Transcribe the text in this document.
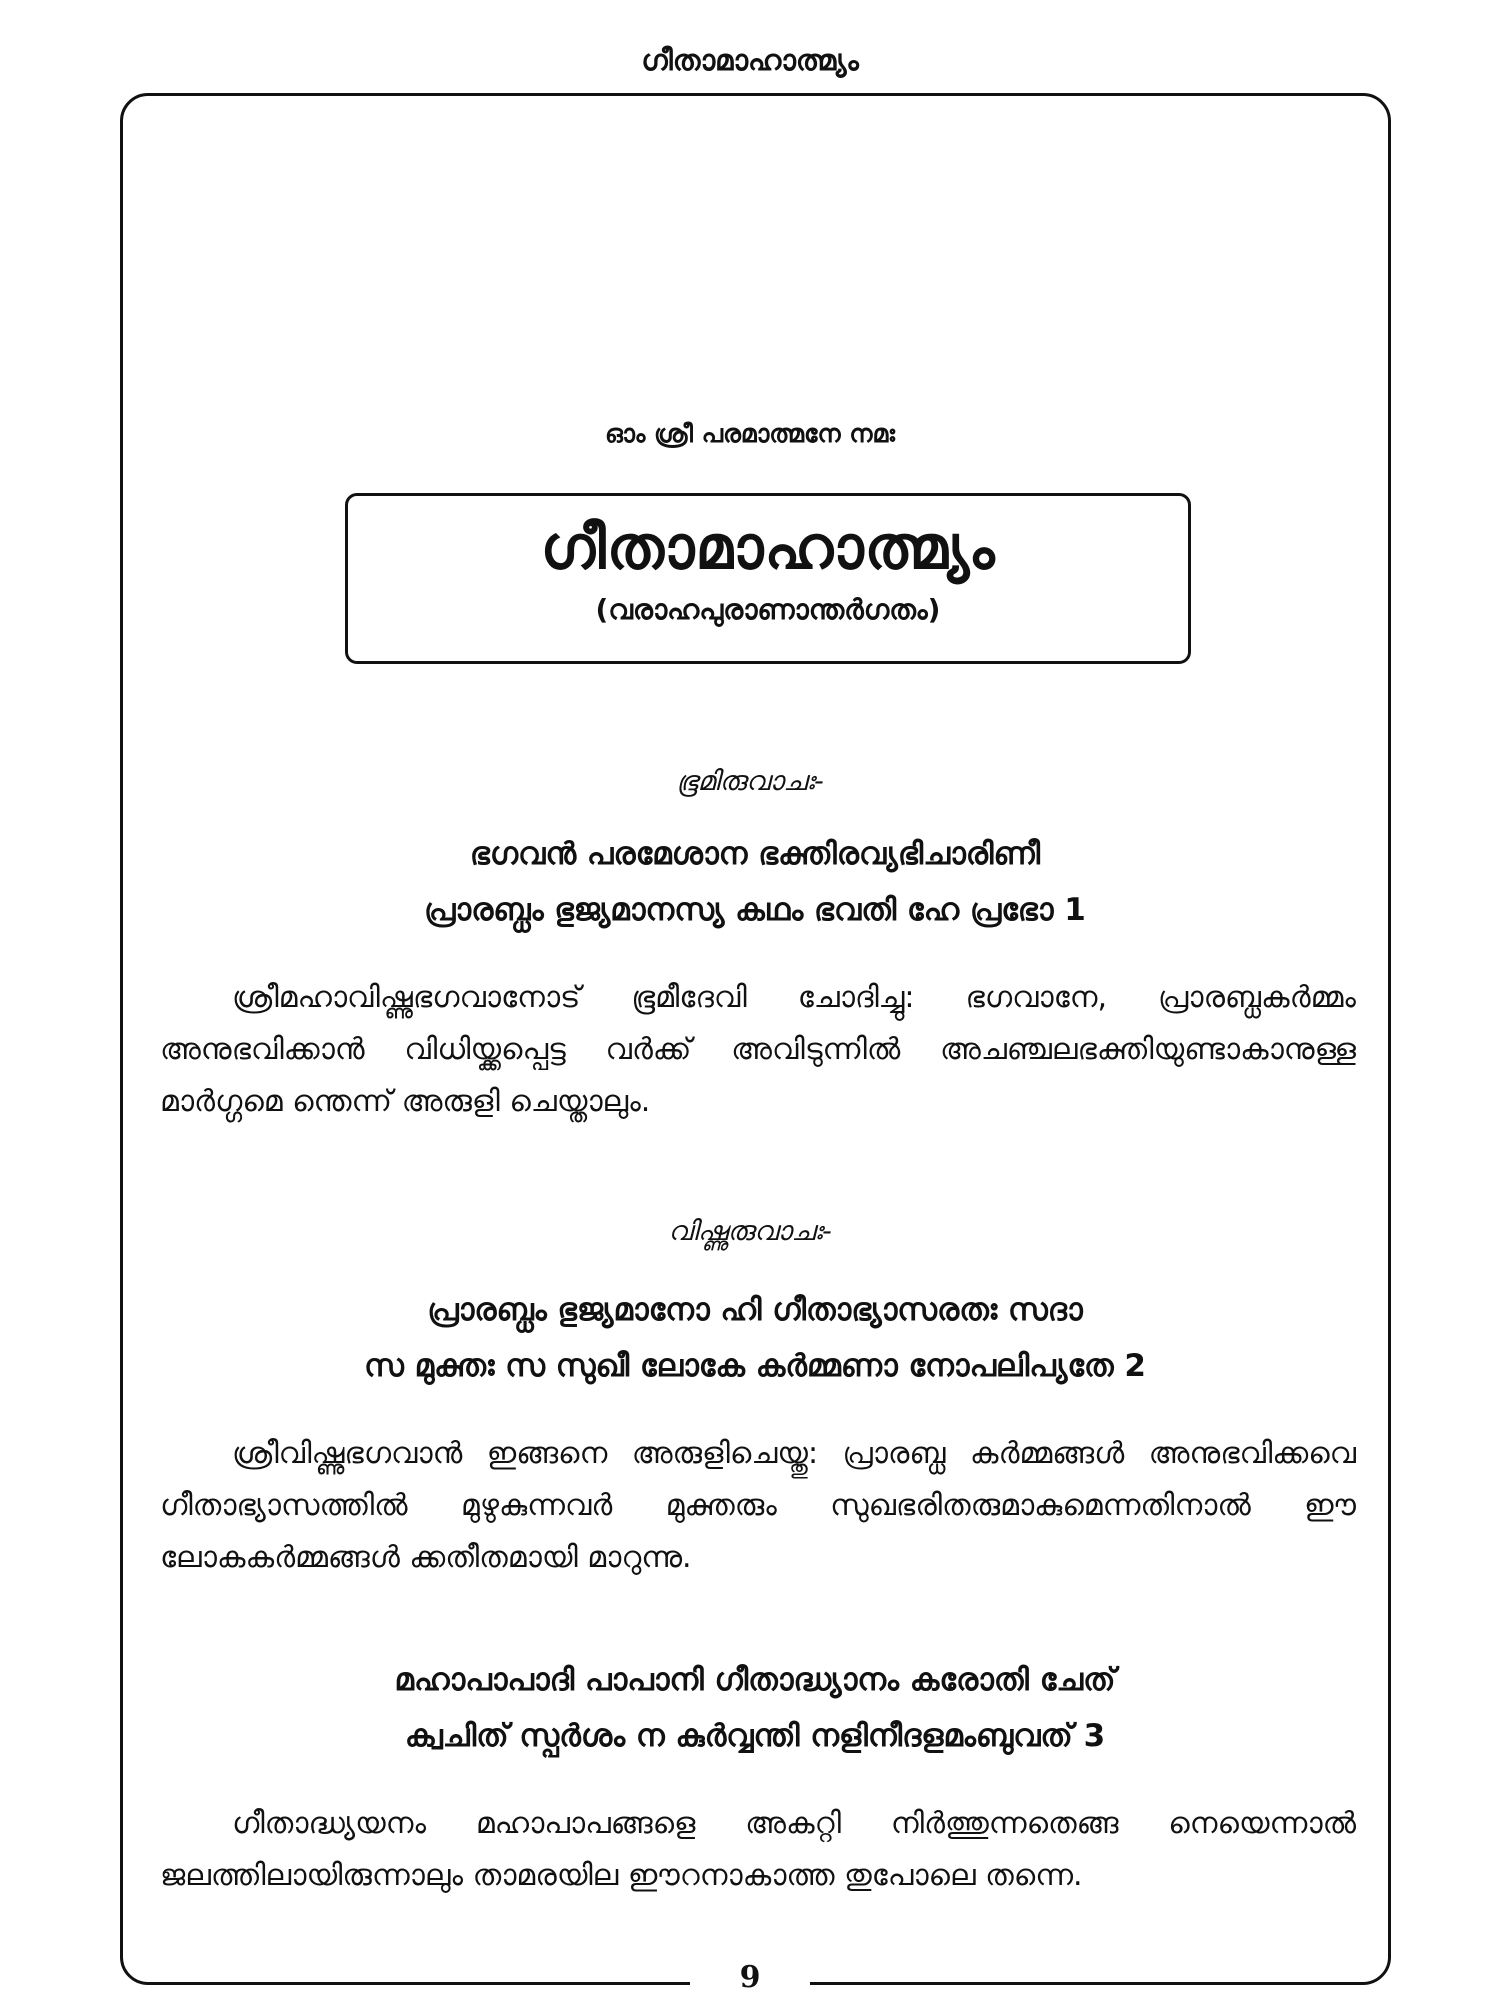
ഗീതാമാഹാത്മ്യം
9
ഓം ശ്രീ പരമാത്മനേ നമഃ
ഗീതാമാഹാത്മ്യം
(വരാഹപുരാണാന്തർഗതം)
ഭൂമിരുവാചഃ-
ഭഗവൻ പരമേശാന ഭക്തിരവ്യഭിചാരിണീ
പ്രാരബ്ധം ഭുജ്യമാനസ്യ കഥം ഭവതി ഹേ പ്രഭോ 1

ശ്രീമഹാവിഷ്ണുഭഗവാനോട് ഭൂമീദേവി ചോദിച്ചു: ഭഗവാനേ, പ്രാരബ്ധകർമ്മം അനുഭവിക്കാൻ വിധിയ്ക്കപ്പെട്ട വർക്ക് അവിടുന്നിൽ അചഞ്ചലഭക്തിയുണ്ടാകാനുള്ള മാർഗ്ഗമെ ന്തെന്ന് അരുളി ചെയ്താലും.

വിഷ്ണുരുവാചഃ-
പ്രാരബ്ധം ഭുജ്യമാനോ ഹി ഗീതാഭ്യാസരതഃ സദാ
സ മുക്തഃ സ സുഖീ ലോകേ കർമ്മണാ നോപലിപ്യതേ 2

ശ്രീവിഷ്ണുഭഗവാൻ ഇങ്ങനെ അരുളിചെയ്തു: പ്രാരബ്ധ കർമ്മങ്ങൾ അനുഭവിക്കവെ ഗീതാഭ്യാസത്തിൽ മുഴുകുന്നവർ മുക്തരും സുഖഭരിതരുമാകുമെന്നതിനാൽ ഈ ലോകകർമ്മങ്ങൾ ക്കതീതമായി മാറുന്നു.

മഹാപാപാദി പാപാനി ഗീതാദ്ധ്യാനം കരോതി ചേത്
ക്വചിത് സ്പർശം ന കുർവ്വന്തി നളിനീദളമംബുവത് 3

ഗീതാദ്ധ്യയനം മഹാപാപങ്ങളെ അകറ്റി നിർത്തുന്നതെങ്ങ നെയെന്നാൽ ജലത്തിലായിരുന്നാലും താമരയില ഈറനാകാത്ത തുപോലെ തന്നെ.
